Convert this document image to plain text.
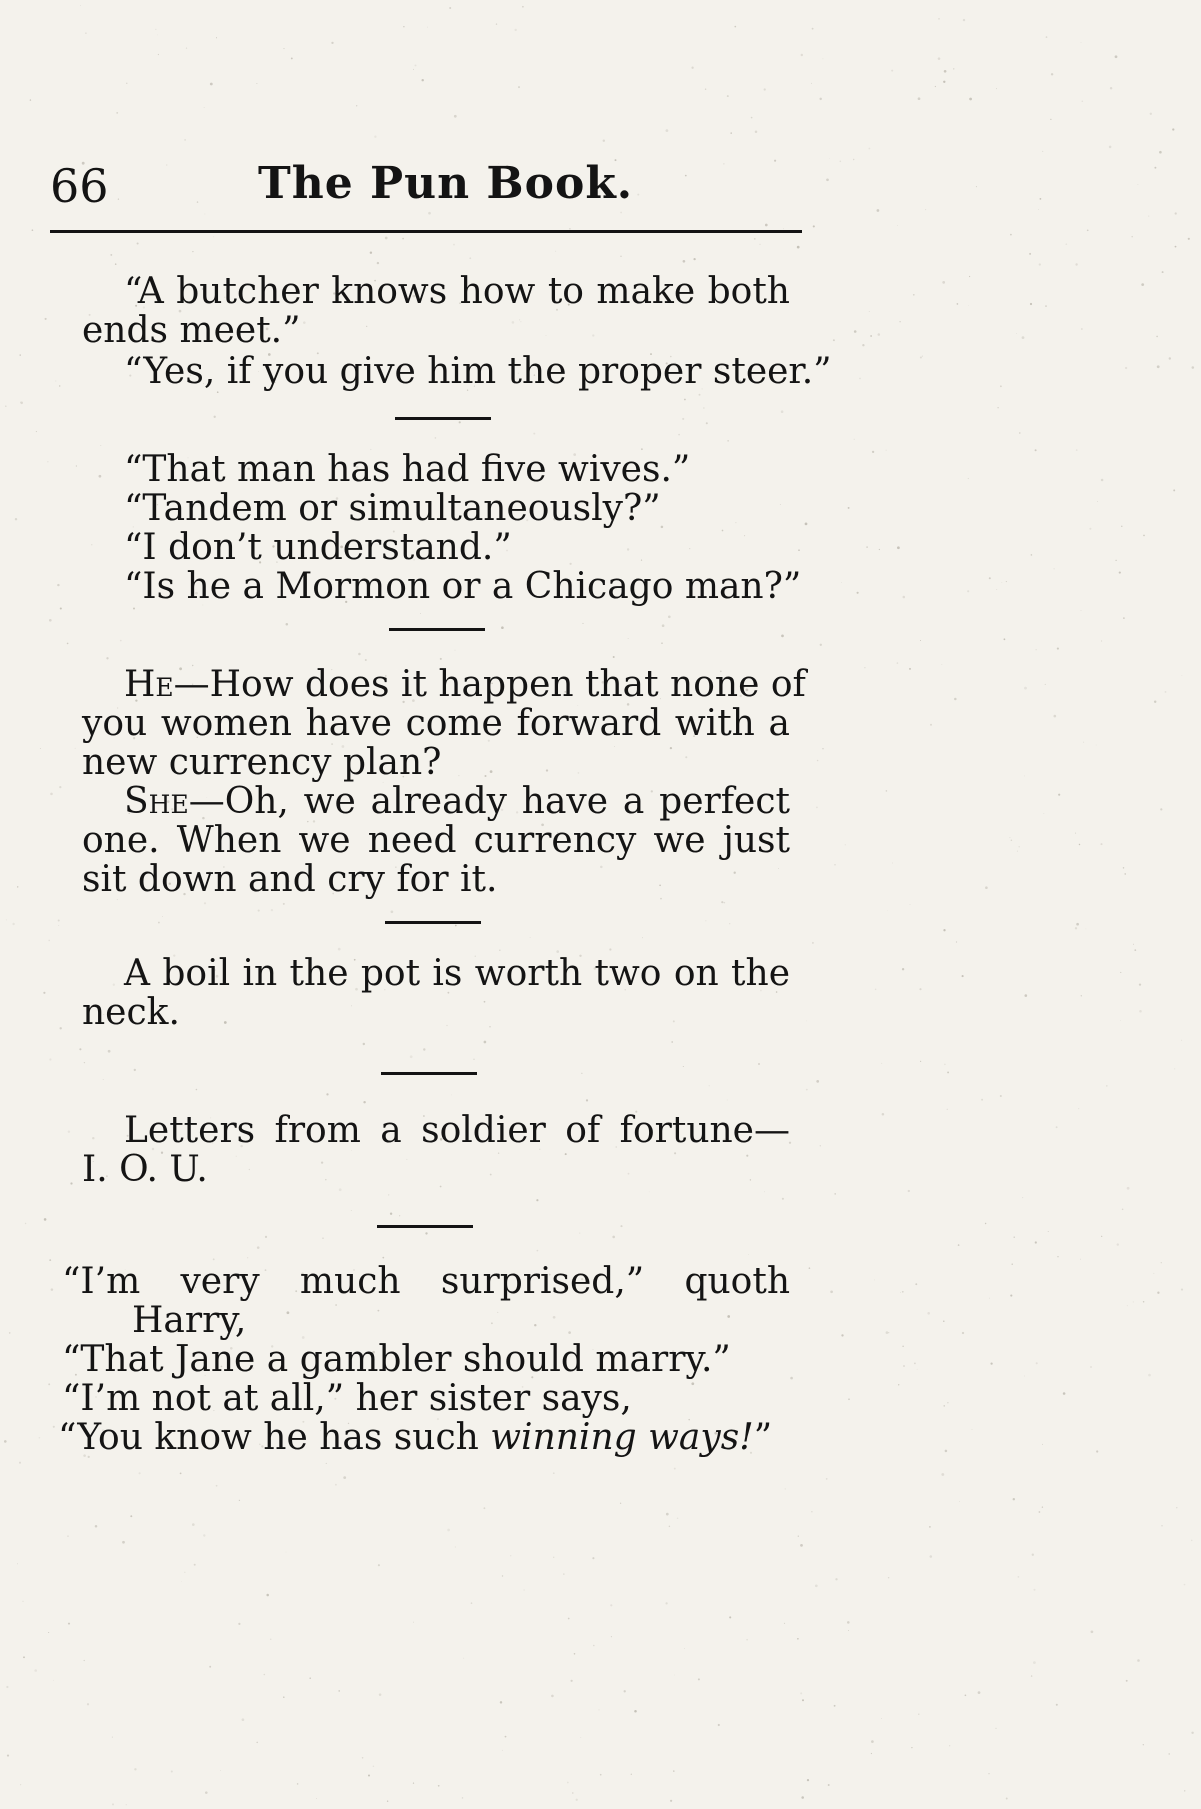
66	The Pun Book.
“A butcher knows how to make both
ends meet.”
“Yes, if you give him the proper steer.”
“That man has had five wives.”
“Tandem or simultaneously?”
“I don’t understand.”
“Is he a Mormon or a Chicago man?”
He—How does it happen that none of
you women have come forward with a
new currency plan?
She—Oh, we already have a perfect
one. When we need currency we just
sit down and cry for it.
A boil in the pot is worth two on the
neck.
Letters from a soldier of fortune—
I. O. U.
“I’m very much surprised,” quoth
Harry,
“That Jane a gambler should marry.”
“I’m not at all,” her sister says,
“You know he has such winning ways!”
